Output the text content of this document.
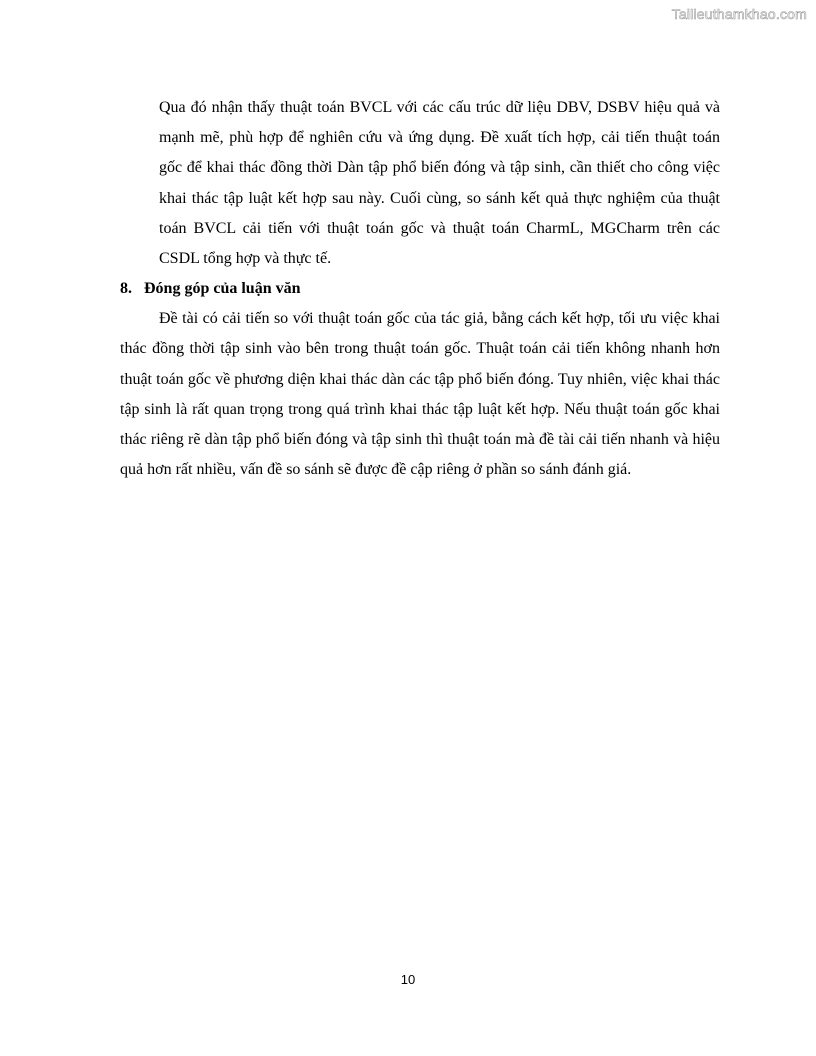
Tailieuthamkhao.com

Qua đó nhận thấy thuật toán BVCL với các cấu trúc dữ liệu DBV, DSBV hiệu quả và mạnh mẽ, phù hợp để nghiên cứu và ứng dụng. Đề xuất tích hợp, cải tiến thuật toán gốc để khai thác đồng thời Dàn tập phổ biến đóng và tập sinh, cần thiết cho công việc khai thác tập luật kết hợp sau này. Cuối cùng, so sánh kết quả thực nghiệm của thuật toán BVCL cải tiến với thuật toán gốc và thuật toán CharmL, MGCharm trên các CSDL tổng hợp và thực tế.

8. Đóng góp của luận văn

Đề tài có cải tiến so với thuật toán gốc của tác giả, bằng cách kết hợp, tối ưu việc khai thác đồng thời tập sinh vào bên trong thuật toán gốc. Thuật toán cải tiến không nhanh hơn thuật toán gốc về phương diện khai thác dàn các tập phổ biến đóng. Tuy nhiên, việc khai thác tập sinh là rất quan trọng trong quá trình khai thác tập luật kết hợp. Nếu thuật toán gốc khai thác riêng rẽ dàn tập phổ biến đóng và tập sinh thì thuật toán mà đề tài cải tiến nhanh và hiệu quả hơn rất nhiều, vấn đề so sánh sẽ được đề cập riêng ở phần so sánh đánh giá.

10
